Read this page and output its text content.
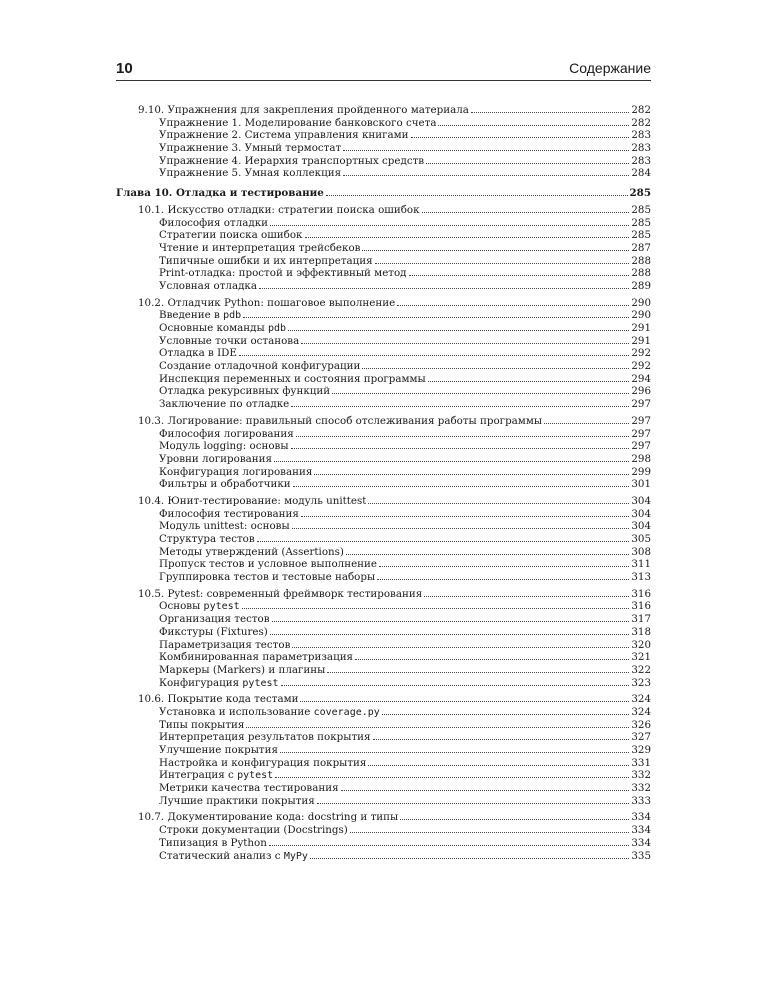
10	Содержание
9.10. Упражнения для закрепления пройденного материала	282
Упражнение 1. Моделирование банковского счета	282
Упражнение 2. Система управления книгами	283
Упражнение 3. Умный термостат	283
Упражнение 4. Иерархия транспортных средств	283
Упражнение 5. Умная коллекция	284
Глава 10. Отладка и тестирование	285
10.1. Искусство отладки: стратегии поиска ошибок	285
Философия отладки	285
Стратегии поиска ошибок	285
Чтение и интерпретация трейсбеков	287
Типичные ошибки и их интерпретация	288
Print-отладка: простой и эффективный метод	288
Условная отладка	289
10.2. Отладчик Python: пошаговое выполнение	290
Введение в pdb	290
Основные команды pdb	291
Условные точки останова	291
Отладка в IDE	292
Создание отладочной конфигурации	292
Инспекция переменных и состояния программы	294
Отладка рекурсивных функций	296
Заключение по отладке	297
10.3. Логирование: правильный способ отслеживания работы программы	297
Философия логирования	297
Модуль logging: основы	297
Уровни логирования	298
Конфигурация логирования	299
Фильтры и обработчики	301
10.4. Юнит-тестирование: модуль unittest	304
Философия тестирования	304
Модуль unittest: основы	304
Структура тестов	305
Методы утверждений (Assertions)	308
Пропуск тестов и условное выполнение	311
Группировка тестов и тестовые наборы	313
10.5. Pytest: современный фреймворк тестирования	316
Основы pytest	316
Организация тестов	317
Фикстуры (Fixtures)	318
Параметризация тестов	320
Комбинированная параметризация	321
Маркеры (Markers) и плагины	322
Конфигурация pytest	323
10.6. Покрытие кода тестами	324
Установка и использование coverage.py	324
Типы покрытия	326
Интерпретация результатов покрытия	327
Улучшение покрытия	329
Настройка и конфигурация покрытия	331
Интеграция с pytest	332
Метрики качества тестирования	332
Лучшие практики покрытия	333
10.7. Документирование кода: docstring и типы	334
Строки документации (Docstrings)	334
Типизация в Python	334
Статический анализ с MyPy	335
